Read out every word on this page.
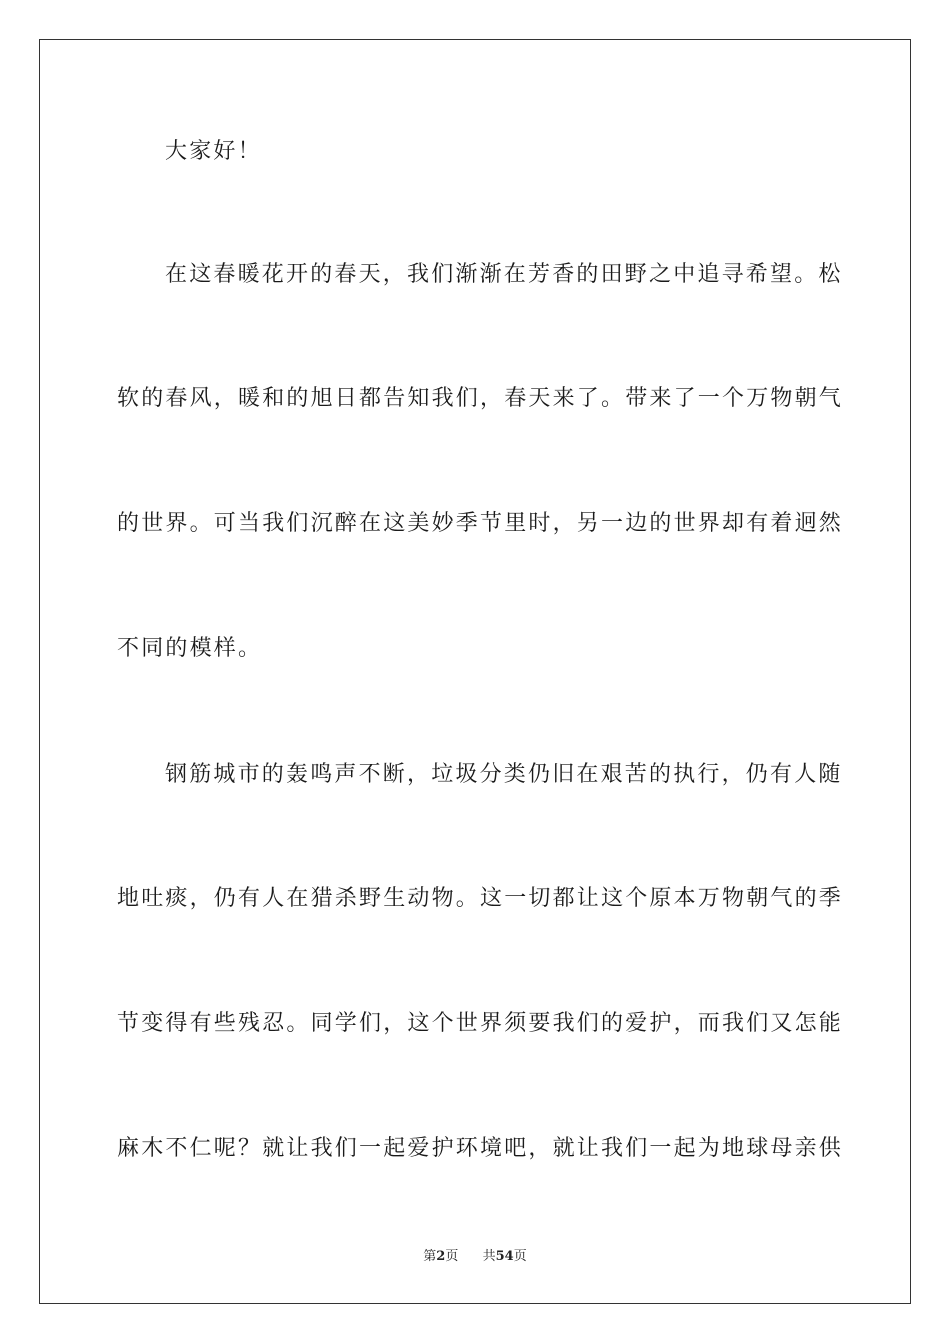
大家好！
在这春暖花开的春天，我们渐渐在芳香的田野之中追寻希望。松
软的春风，暖和的旭日都告知我们，春天来了。带来了一个万物朝气
的世界。可当我们沉醉在这美妙季节里时，另一边的世界却有着迥然
不同的模样。
钢筋城市的轰鸣声不断，垃圾分类仍旧在艰苦的执行，仍有人随
地吐痰，仍有人在猎杀野生动物。这一切都让这个原本万物朝气的季
节变得有些残忍。同学们，这个世界须要我们的爱护，而我们又怎能
麻木不仁呢？就让我们一起爱护环境吧，就让我们一起为地球母亲供
第2页 共54页
